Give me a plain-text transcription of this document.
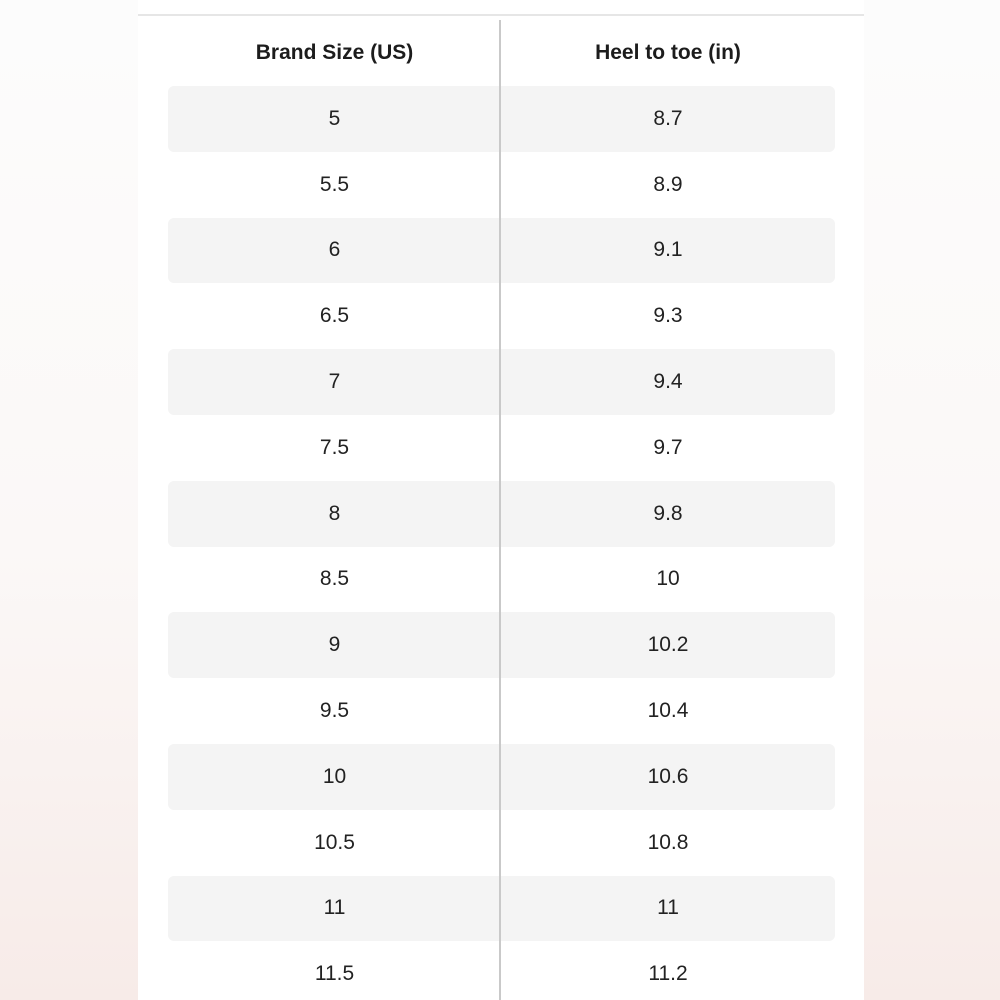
Brand Size (US)	Heel to toe (in)
5	8.7
5.5	8.9
6	9.1
6.5	9.3
7	9.4
7.5	9.7
8	9.8
8.5	10
9	10.2
9.5	10.4
10	10.6
10.5	10.8
11	11
11.5	11.2
